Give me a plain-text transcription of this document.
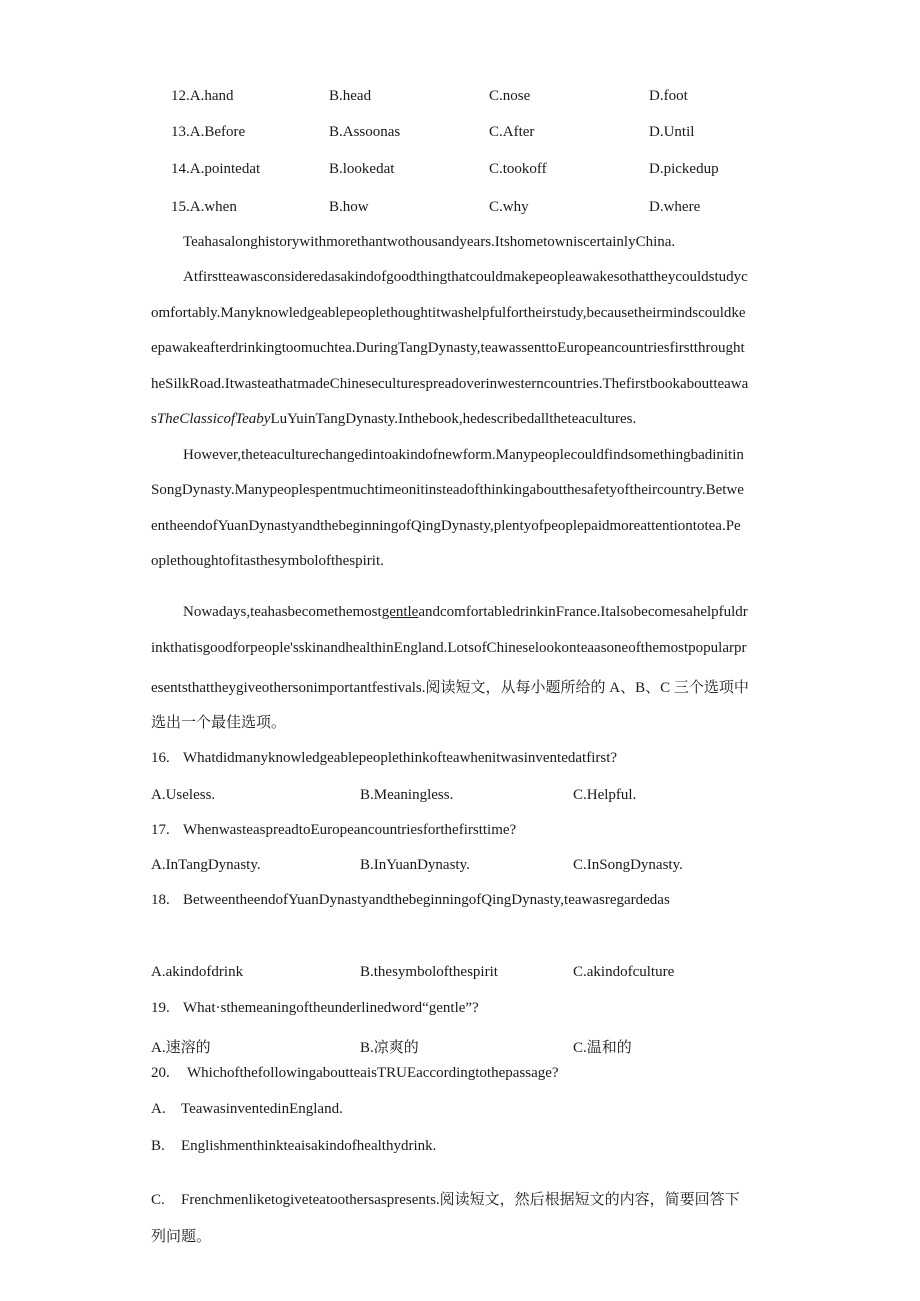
12.A.hand	B.head	C.nose	D.foot
13.A.Before	B.Assoonas	C.After	D.Until
14.A.pointedat	B.lookedat	C.tookoff	D.pickedup
15.A.when	B.how	C.why	D.where
Teahasalonghistorywithmorethantwothousandyears.ItshometowniscertainlyChina.
Atfirstteawasconsideredasakindofgoodthingthatcouldmakepeopleawakesothattheycouldstudyc
omfortably.Manyknowledgeablepeoplethoughtitwashelpfulfortheirstudy,becausetheirmindscouldke
epawakeafterdrinkingtoomuchtea.DuringTangDynasty,teawassenttoEuropeancountriesfirstthrought
heSilkRoad.ItwasteathatmadeChineseculturespreadoverinwesterncountries.Thefirstbookaboutteawa
sTheClassicofTeabyLuYuinTangDynasty.Inthebook,hedescribedalltheteacultures.
However,theteaculturechangedintoakindofnewform.Manypeoplecouldfindsomethingbadinitin
SongDynasty.Manypeoplespentmuchtimeonitinsteadofthinkingaboutthesafetyoftheircountry.Betwe
entheendofYuanDynastyandthebeginningofQingDynasty,plentyofpeoplepaidmoreattentiontotea.Pe
oplethoughtofitasthesymbolofthespirit.
Nowadays,teahasbecomethemostgentleandcomfortabledrinkinFrance.Italsobecomesahelpfuldr
inkthatisgoodforpeople'sskinandhealthinEngland.LotsofChineselookonteaasoneofthemostpopularpr
esentsthattheygiveothersonimportantfestivals.阅读短文，从每小题所给的 A、B、C 三个选项中
选出一个最佳选项。
16. Whatdidmanyknowledgeablepeoplethinkofteawhenitwasinventedatfirst?
A.Useless.	B.Meaningless.	C.Helpful.
17. WhenwasteaspreadtoEuropeancountriesforthefirsttime?
A.InTangDynasty.	B.InYuanDynasty.	C.InSongDynasty.
18. BetweentheendofYuanDynastyandthebeginningofQingDynasty,teawasregardedas
A.akindofdrink	B.thesymbolofthespirit	C.akindofculture
19. What·sthemeaningoftheunderlinedword“gentle”?
A.速溶的	B.凉爽的	C.温和的
20. WhichofthefollowingaboutteaisTRUEaccordingtothepassage?
A. TeawasinventedinEngland.
B. Englishmenthinkteaisakindofhealthydrink.
C. Frenchmenliketogiveteatoothersaspresents.阅读短文，然后根据短文的内容，简要回答下
列问题。
